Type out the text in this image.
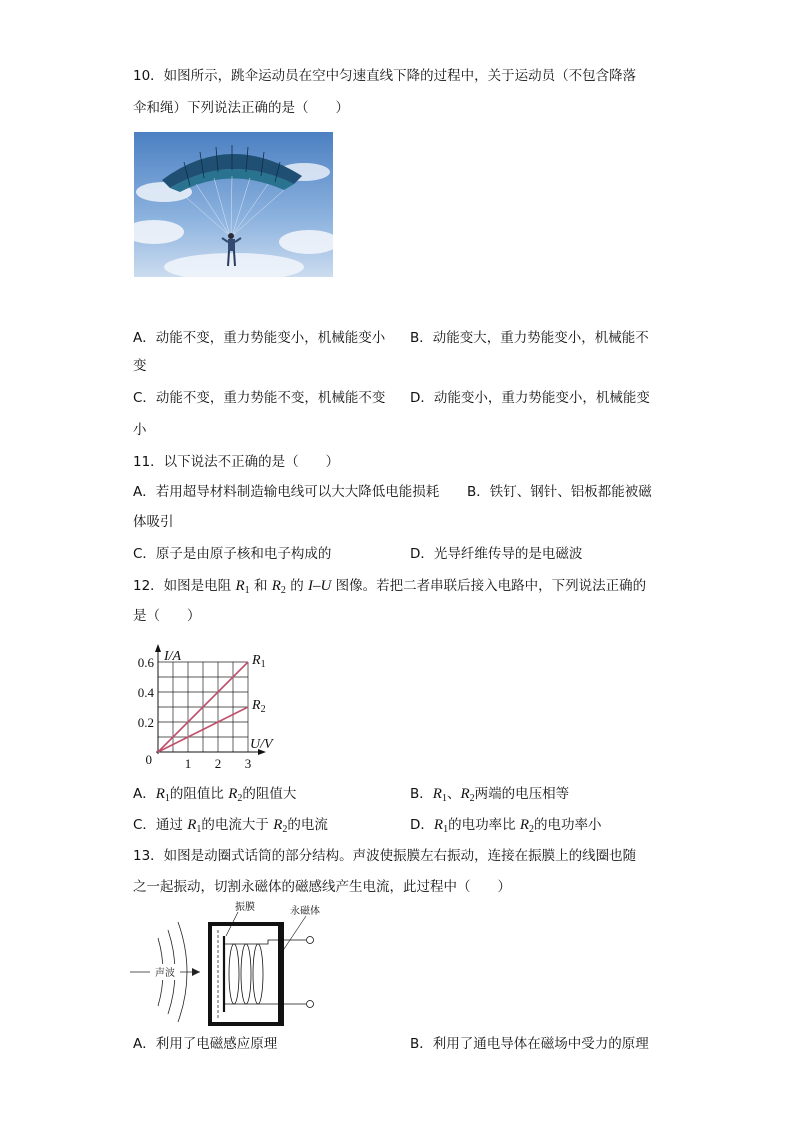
10．如图所示，跳伞运动员在空中匀速直线下降的过程中，关于运动员（不包含降落
伞和绳）下列说法正确的是（　　）
A．动能不变，重力势能变小，机械能变小 B．动能变大，重力势能变小，机械能不
变
C．动能不变，重力势能不变，机械能不变 D．动能变小，重力势能变小，机械能变
小
11．以下说法不正确的是（　　）
A．若用超导材料制造输电线可以大大降低电能损耗 B．铁钉、钢针、铝板都能被磁
体吸引
C．原子是由原子核和电子构成的	D．光导纤维传导的是电磁波
12．如图是电阻 $R_1$ 和 $R_2$ 的 I–U 图像。若把二者串联后接入电路中，下列说法正确的
是（　　）
$R_1$
$R_2$
1 2 3
0.2
0.4
0.6
0
I/A
U/V
A．$R_1$的阻值比 $R_2$的阻值大	B．$R_1$、$R_2$两端的电压相等
C．通过 $R_1$的电流大于 $R_2$的电流	D．$R_1$的电功率比 $R_2$的电功率小
13．如图是动圈式话筒的部分结构。声波使振膜左右振动，连接在振膜上的线圈也随
之一起振动，切割永磁体的磁感线产生电流，此过程中（　　）
声波
振膜	永磁体
A．利用了电磁感应原理	B．利用了通电导体在磁场中受力的原理
